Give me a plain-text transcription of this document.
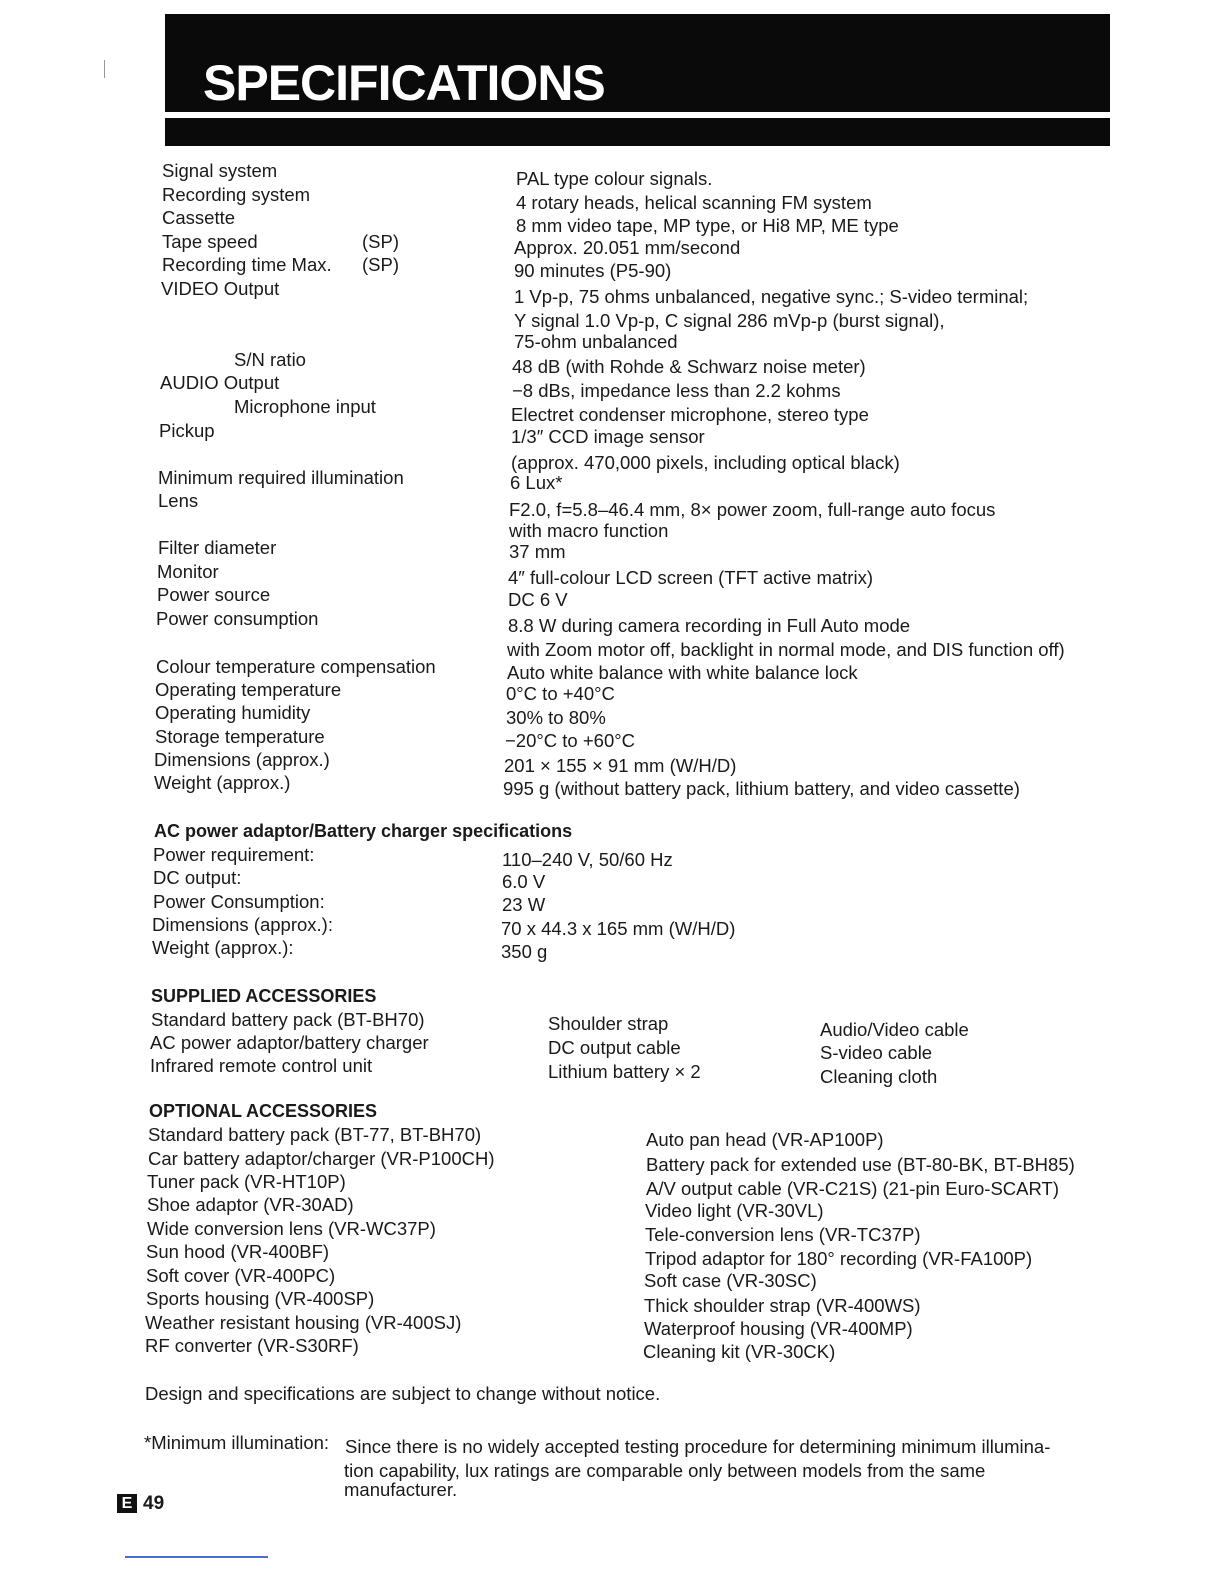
SPECIFICATIONS
Signal system	PAL type colour signals.
Recording system	4 rotary heads, helical scanning FM system
Cassette	8 mm video tape, MP type, or Hi8 MP, ME type
Tape speed	(SP)	Approx. 20.051 mm/second
Recording time Max. (SP)	90 minutes (P5-90)
VIDEO Output	1 Vp-p, 75 ohms unbalanced, negative sync.; S-video terminal;
Y signal 1.0 Vp-p, C signal 286 mVp-p (burst signal),
75-ohm unbalanced
S/N ratio	48 dB (with Rohde & Schwarz noise meter)
AUDIO Output	−8 dBs, impedance less than 2.2 kohms
Microphone input	Electret condenser microphone, stereo type
Pickup	1/3″ CCD image sensor
(approx. 470,000 pixels, including optical black)
Minimum required illumination	6 Lux*
Lens	F2.0, f=5.8–46.4 mm, 8× power zoom, full-range auto focus
with macro function
Filter diameter	37 mm
Monitor	4″ full-colour LCD screen (TFT active matrix)
Power source	DC 6 V
Power consumption	8.8 W during camera recording in Full Auto mode
with Zoom motor off, backlight in normal mode, and DIS function off)
Colour temperature compensation	Auto white balance with white balance lock
Operating temperature	0°C to +40°C
Operating humidity	30% to 80%
Storage temperature	−20°C to +60°C
Dimensions (approx.)	201 × 155 × 91 mm (W/H/D)
Weight (approx.)	995 g (without battery pack, lithium battery, and video cassette)
AC power adaptor/Battery charger specifications
Power requirement:	110–240 V, 50/60 Hz
DC output:	6.0 V
Power Consumption:	23 W
Dimensions (approx.):	70 x 44.3 x 165 mm (W/H/D)
Weight (approx.):	350 g
SUPPLIED ACCESSORIES
Standard battery pack (BT-BH70)
AC power adaptor/battery charger
Infrared remote control unit
Shoulder strap
DC output cable
Lithium battery × 2
Audio/Video cable
S-video cable
Cleaning cloth
OPTIONAL ACCESSORIES
Standard battery pack (BT-77, BT-BH70)
Car battery adaptor/charger (VR-P100CH)
Tuner pack (VR-HT10P)
Shoe adaptor (VR-30AD)
Wide conversion lens (VR-WC37P)
Sun hood (VR-400BF)
Soft cover (VR-400PC)
Sports housing (VR-400SP)
Weather resistant housing (VR-400SJ)
RF converter (VR-S30RF)
Auto pan head (VR-AP100P)
Battery pack for extended use (BT-80-BK, BT-BH85)
A/V output cable (VR-C21S) (21-pin Euro-SCART)
Video light (VR-30VL)
Tele-conversion lens (VR-TC37P)
Tripod adaptor for 180° recording (VR-FA100P)
Soft case (VR-30SC)
Thick shoulder strap (VR-400WS)
Waterproof housing (VR-400MP)
Cleaning kit (VR-30CK)
Design and specifications are subject to change without notice.
*Minimum illumination: Since there is no widely accepted testing procedure for determining minimum illumina-
tion capability, lux ratings are comparable only between models from the same
manufacturer.
E 49
